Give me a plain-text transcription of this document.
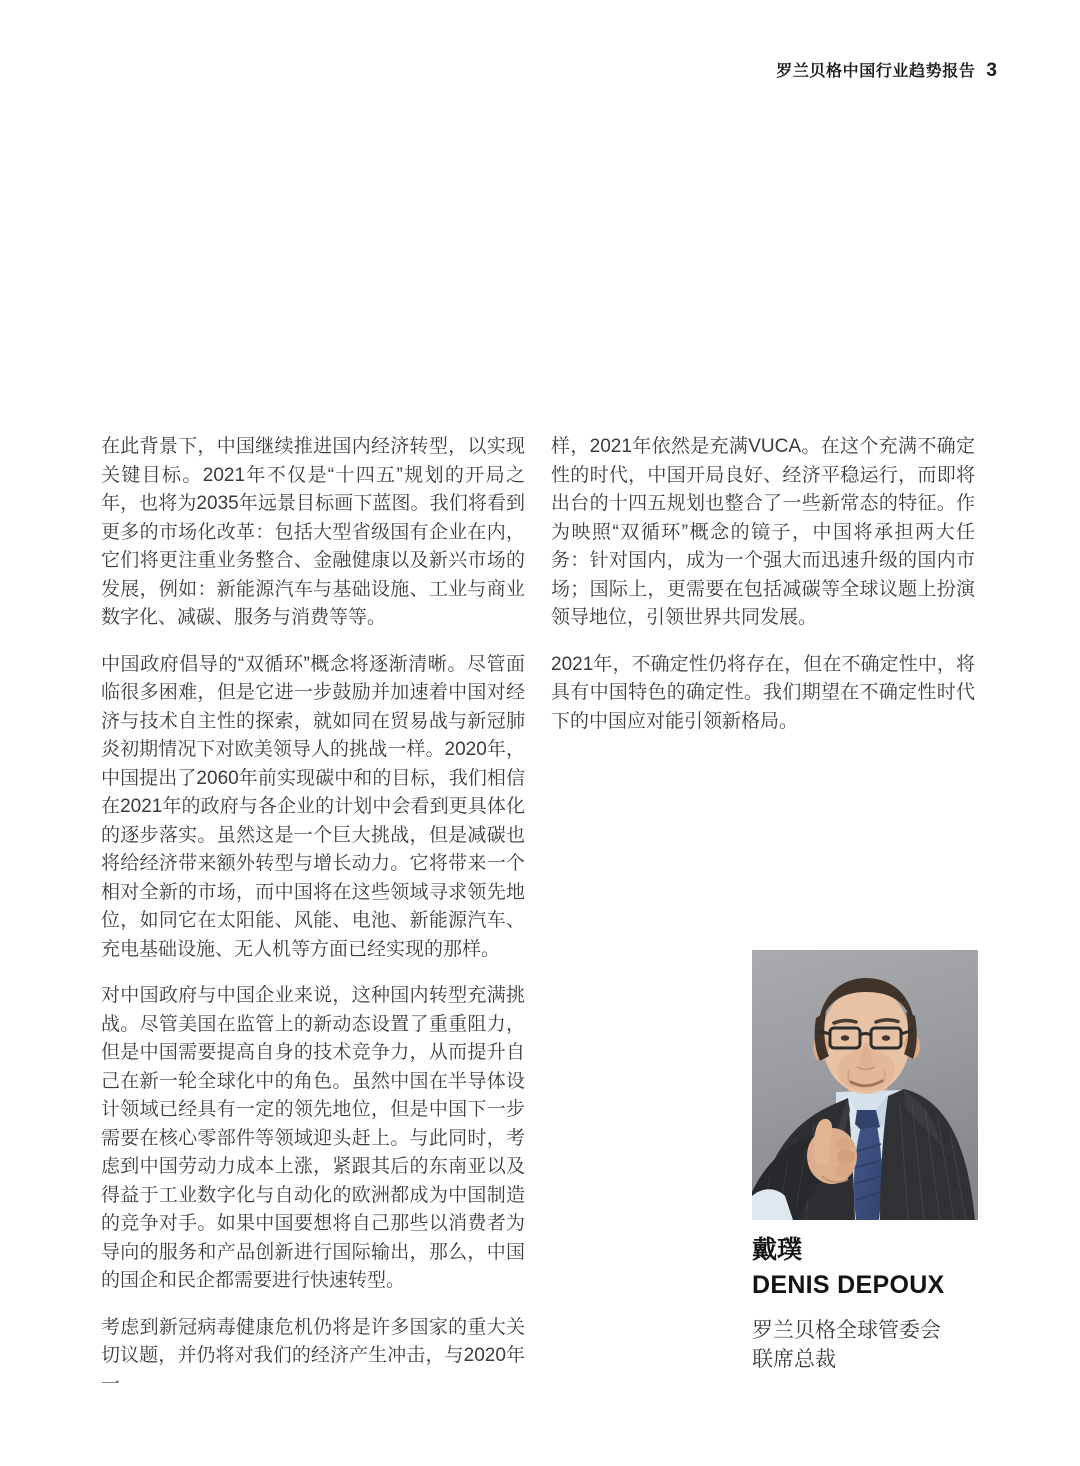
罗兰贝格中国行业趋势报告 3

在此背景下，中国继续推进国内经济转型，以实现关键目标。2021年不仅是“十四五”规划的开局之年，也将为2035年远景目标画下蓝图。我们将看到更多的市场化改革：包括大型省级国有企业在内，它们将更注重业务整合、金融健康以及新兴市场的发展，例如：新能源汽车与基础设施、工业与商业数字化、减碳、服务与消费等等。

中国政府倡导的“双循环”概念将逐渐清晰。尽管面临很多困难，但是它进一步鼓励并加速着中国对经济与技术自主性的探索，就如同在贸易战与新冠肺炎初期情况下对欧美领导人的挑战一样。2020年，中国提出了2060年前实现碳中和的目标，我们相信在2021年的政府与各企业的计划中会看到更具体化的逐步落实。虽然这是一个巨大挑战，但是减碳也将给经济带来额外转型与增长动力。它将带来一个相对全新的市场，而中国将在这些领域寻求领先地位，如同它在太阳能、风能、电池、新能源汽车、充电基础设施、无人机等方面已经实现的那样。

对中国政府与中国企业来说，这种国内转型充满挑战。尽管美国在监管上的新动态设置了重重阻力，但是中国需要提高自身的技术竞争力，从而提升自己在新一轮全球化中的角色。虽然中国在半导体设计领域已经具有一定的领先地位，但是中国下一步需要在核心零部件等领域迎头赶上。与此同时，考虑到中国劳动力成本上涨，紧跟其后的东南亚以及得益于工业数字化与自动化的欧洲都成为中国制造的竞争对手。如果中国要想将自己那些以消费者为导向的服务和产品创新进行国际输出，那么，中国的国企和民企都需要进行快速转型。

考虑到新冠病毒健康危机仍将是许多国家的重大关切议题，并仍将对我们的经济产生冲击，与2020年一

样，2021年依然是充满VUCA。在这个充满不确定性的时代，中国开局良好、经济平稳运行，而即将出台的十四五规划也整合了一些新常态的特征。作为映照“双循环”概念的镜子，中国将承担两大任务：针对国内，成为一个强大而迅速升级的国内市场；国际上，更需要在包括减碳等全球议题上扮演领导地位，引领世界共同发展。

2021年，不确定性仍将存在，但在不确定性中，将具有中国特色的确定性。我们期望在不确定性时代下的中国应对能引领新格局。

戴璞
DENIS DEPOUX
罗兰贝格全球管委会
联席总裁
